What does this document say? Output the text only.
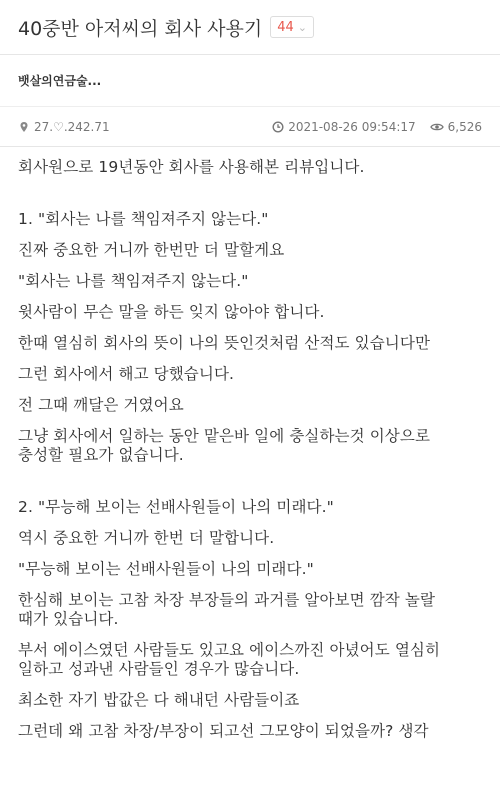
40중반 아저씨의 회사 사용기 44 ⌄
뱃살의연금술...
27.♡.242.71	2021-08-26 09:54:17	6,526

회사원으로 19년동안 회사를 사용해본 리뷰입니다.

1. "회사는 나를 책임져주지 않는다."

진짜 중요한 거니까 한번만 더 말할게요

"회사는 나를 책임져주지 않는다."

윗사람이 무슨 말을 하든 잊지 않아야 합니다.

한때 열심히 회사의 뜻이 나의 뜻인것처럼 산적도 있습니다만

그런 회사에서 해고 당했습니다.

전 그때 깨달은 거였어요

그냥 회사에서 일하는 동안 맡은바 일에 충실하는것 이상으로

충성할 필요가 없습니다.

2. "무능해 보이는 선배사원들이 나의 미래다."

역시 중요한 거니까 한번 더 말합니다.

"무능해 보이는 선배사원들이 나의 미래다."

한심해 보이는 고참 차장 부장들의 과거를 알아보면 깜작 놀랄

때가 있습니다.

부서 에이스였던 사람들도 있고요 에이스까진 아녔어도 열심히

일하고 성과낸 사람들인 경우가 많습니다.

최소한 자기 밥값은 다 해내던 사람들이죠

그런데 왜 고참 차장/부장이 되고선 그모양이 되었을까? 생각
